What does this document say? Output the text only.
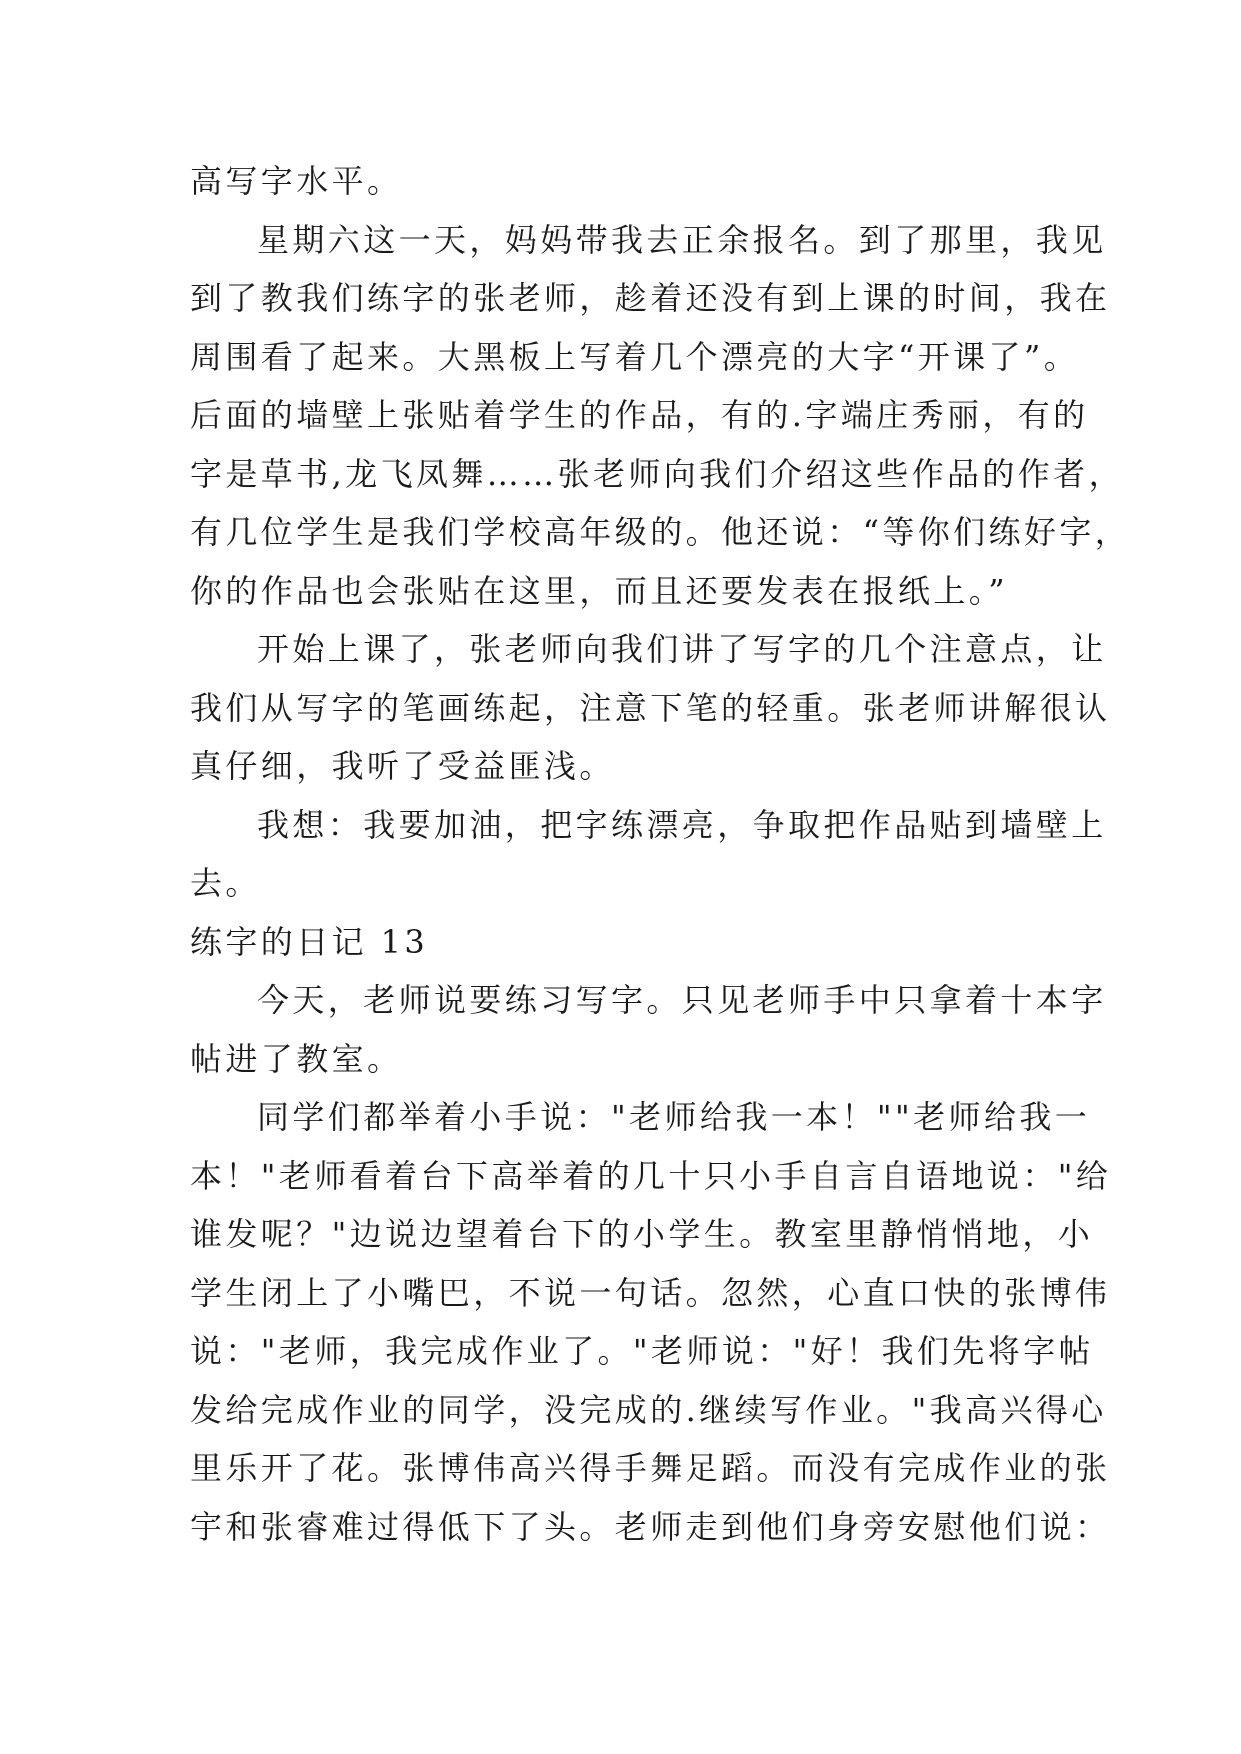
高写字水平。
星期六这一天，妈妈带我去正余报名。到了那里，我见
到了教我们练字的张老师，趁着还没有到上课的时间，我在
周围看了起来。大黑板上写着几个漂亮的大字“开课了”。
后面的墙壁上张贴着学生的作品，有的.字端庄秀丽，有的
字是草书,龙飞凤舞……张老师向我们介绍这些作品的作者，
有几位学生是我们学校高年级的。他还说：“等你们练好字，
你的作品也会张贴在这里，而且还要发表在报纸上。”
开始上课了，张老师向我们讲了写字的几个注意点，让
我们从写字的笔画练起，注意下笔的轻重。张老师讲解很认
真仔细，我听了受益匪浅。
我想：我要加油，把字练漂亮，争取把作品贴到墙壁上
去。
练字的日记 13
今天，老师说要练习写字。只见老师手中只拿着十本字
帖进了教室。
同学们都举着小手说："老师给我一本！""老师给我一
本！"老师看着台下高举着的几十只小手自言自语地说："给
谁发呢？"边说边望着台下的小学生。教室里静悄悄地，小
学生闭上了小嘴巴，不说一句话。忽然，心直口快的张博伟
说："老师，我完成作业了。"老师说："好！我们先将字帖
发给完成作业的同学，没完成的.继续写作业。"我高兴得心
里乐开了花。张博伟高兴得手舞足蹈。而没有完成作业的张
宇和张睿难过得低下了头。老师走到他们身旁安慰他们说：
